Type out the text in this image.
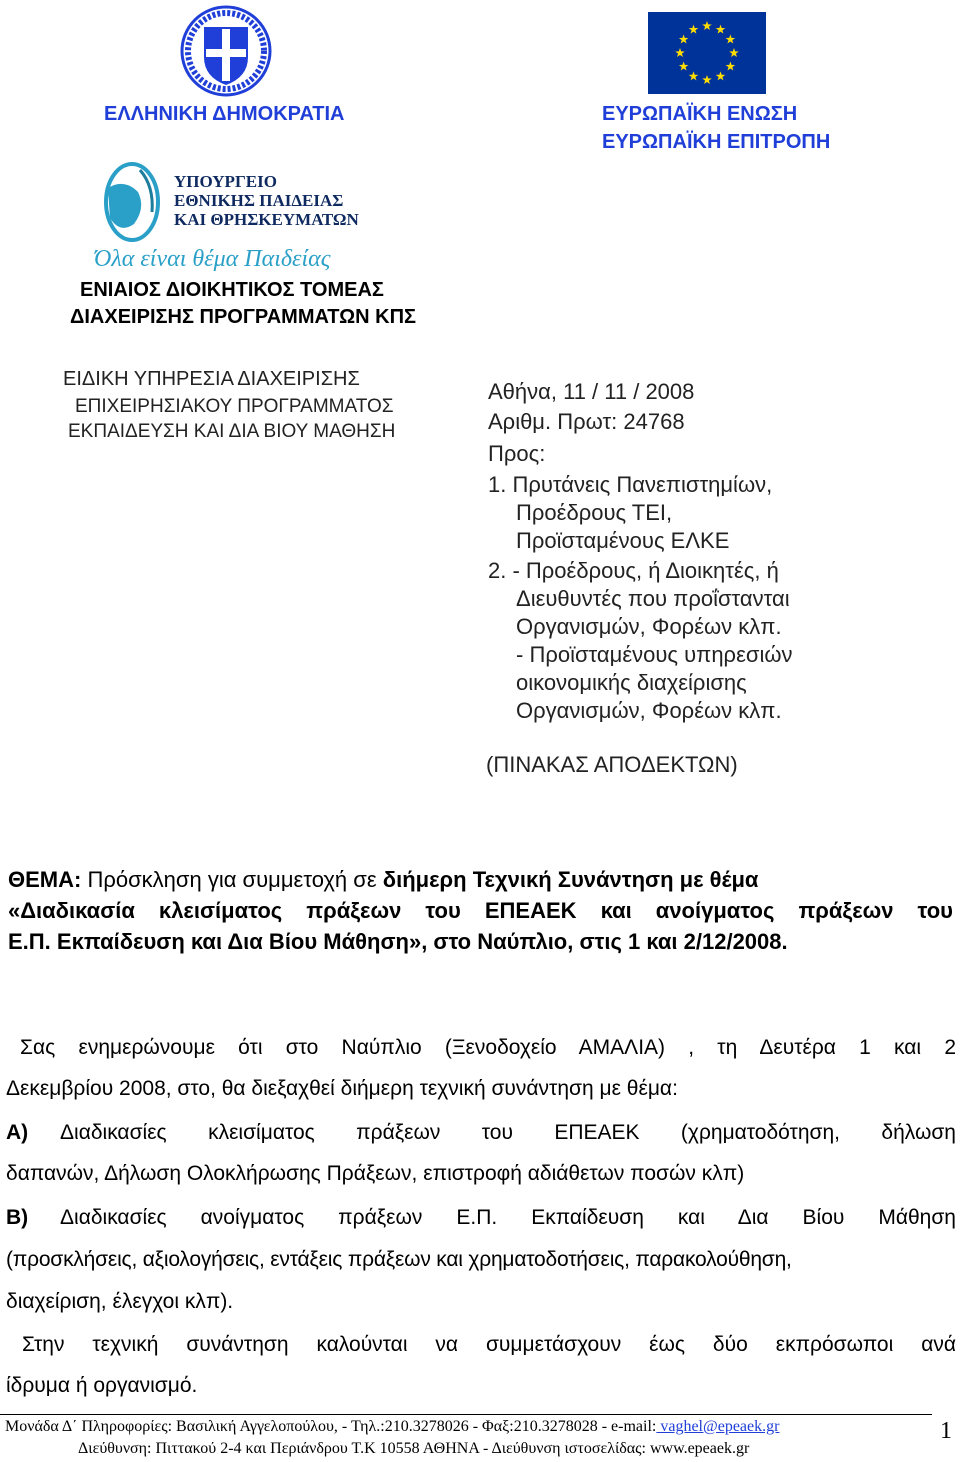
ΥΠΟΥΡΓΕΙΟ
ΕΘΝΙΚΗΣ ΠΑΙΔΕΙΑΣ
ΚΑΙ ΘΡΗΣΚΕΥΜΑΤΩΝ
Όλα είναι θέμα Παιδείας
ΕΛΛΗΝΙΚΗ ΔΗΜΟΚΡΑΤΙΑ	ΕΥΡΩΠΑΪΚΗ ΕΝΩΣΗ
ΕΥΡΩΠΑΪΚΗ ΕΠΙΤΡΟΠΗ
ΕΝΙΑΙΟΣ ΔΙΟΙΚΗΤΙΚΟΣ ΤΟΜΕΑΣ
ΔΙΑΧΕΙΡΙΣΗΣ ΠΡΟΓΡΑΜΜΑΤΩΝ ΚΠΣ
ΕΙΔΙΚΗ ΥΠΗΡΕΣΙΑ ΔΙΑΧΕΙΡΙΣΗΣ
ΕΠΙΧΕΙΡΗΣΙΑΚΟΥ ΠΡΟΓΡΑΜΜΑΤΟΣ
ΕΚΠΑΙΔΕΥΣΗ ΚΑΙ ΔΙΑ ΒΙΟΥ ΜΑΘΗΣΗ
Αθήνα, 11 / 11 / 2008
Αριθμ. Πρωτ: 24768
Προς:
1. Πρυτάνεις Πανεπιστημίων,
Προέδρους ΤΕΙ,
Προϊσταμένους ΕΛΚΕ
2. - Προέδρους, ή Διοικητές, ή
Διευθυντές που προΐστανται
Οργανισμών, Φορέων κλπ.
- Προϊσταμένους υπηρεσιών
οικονομικής διαχείρισης
Οργανισμών, Φορέων κλπ.
(ΠΙΝΑΚΑΣ ΑΠΟΔΕΚΤΩΝ)
ΘΕΜΑ: Πρόσκληση για συμμετοχή σε διήμερη Τεχνική Συνάντηση με θέμα
«Διαδικασία κλεισίματος πράξεων του ΕΠΕΑΕΚ και ανοίγματος πράξεων του
Ε.Π. Εκπαίδευση και Δια Βίου Μάθηση», στο Ναύπλιο, στις 1 και 2/12/2008.
Σας ενημερώνουμε ότι στο Ναύπλιο (Ξενοδοχείο ΑΜΑΛΙΑ) , τη Δευτέρα 1 και 2
Δεκεμβρίου 2008, στο, θα διεξαχθεί διήμερη τεχνική συνάντηση με θέμα:
Α)	Διαδικασίες κλεισίματος πράξεων του ΕΠΕΑΕΚ (χρηματοδότηση, δήλωση
δαπανών, Δήλωση Ολοκλήρωσης Πράξεων, επιστροφή αδιάθετων ποσών κλπ)
Β)	Διαδικασίες ανοίγματος πράξεων Ε.Π. Εκπαίδευση και Δια Βίου Μάθηση
(προσκλήσεις, αξιολογήσεις, εντάξεις πράξεων και χρηματοδοτήσεις, παρακολούθηση,
διαχείριση, έλεγχοι κλπ).
Στην τεχνική συνάντηση καλούνται να συμμετάσχουν έως δύο εκπρόσωποι ανά
ίδρυμα ή οργανισμό.
Μονάδα Δ΄ Πληροφορίες: Βασιλική Αγγελοπούλου, - Τηλ.:210.3278026 - Φαξ:210.3278028 - e-mail: vaghel@epeaek.gr
Διεύθυνση: Πιττακού 2-4 και Περιάνδρου Τ.Κ 10558 ΑΘΗΝΑ - Διεύθυνση ιστοσελίδας: www.epeaek.gr
1
